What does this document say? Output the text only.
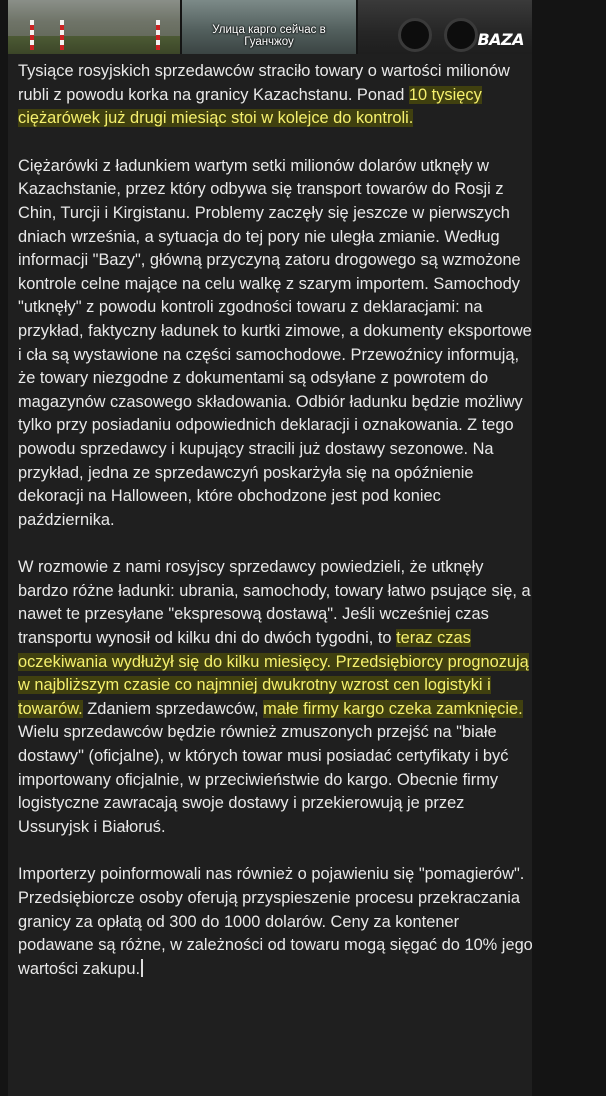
Улица карго сейчас в
Гуанчжоу	BAZA

Tysiące rosyjskich sprzedawców straciło towary o wartości milionów rubli z powodu korka na granicy Kazachstanu. Ponad 10 tysięcy ciężarówek już drugi miesiąc stoi w kolejce do kontroli.

Ciężarówki z ładunkiem wartym setki milionów dolarów utknęły w Kazachstanie, przez który odbywa się transport towarów do Rosji z Chin, Turcji i Kirgistanu. Problemy zaczęły się jeszcze w pierwszych dniach września, a sytuacja do tej pory nie uległa zmianie. Według informacji "Bazy", główną przyczyną zatoru drogowego są wzmożone kontrole celne mające na celu walkę z szarym importem. Samochody "utknęły" z powodu kontroli zgodności towaru z deklaracjami: na przykład, faktyczny ładunek to kurtki zimowe, a dokumenty eksportowe i cła są wystawione na części samochodowe. Przewoźnicy informują, że towary niezgodne z dokumentami są odsyłane z powrotem do magazynów czasowego składowania. Odbiór ładunku będzie możliwy tylko przy posiadaniu odpowiednich deklaracji i oznakowania. Z tego powodu sprzedawcy i kupujący stracili już dostawy sezonowe. Na przykład, jedna ze sprzedawczyń poskarżyła się na opóźnienie dekoracji na Halloween, które obchodzone jest pod koniec października.

W rozmowie z nami rosyjscy sprzedawcy powiedzieli, że utknęły bardzo różne ładunki: ubrania, samochody, towary łatwo psujące się, a nawet te przesyłane "ekspresową dostawą". Jeśli wcześniej czas transportu wynosił od kilku dni do dwóch tygodni, to teraz czas oczekiwania wydłużył się do kilku miesięcy. Przedsiębiorcy prognozują w najbliższym czasie co najmniej dwukrotny wzrost cen logistyki i towarów. Zdaniem sprzedawców, małe firmy kargo czeka zamknięcie. Wielu sprzedawców będzie również zmuszonych przejść na "białe dostawy" (oficjalne), w których towar musi posiadać certyfikaty i być importowany oficjalnie, w przeciwieństwie do kargo. Obecnie firmy logistyczne zawracają swoje dostawy i przekierowują je przez Ussuryjsk i Białoruś.

Importerzy poinformowali nas również o pojawieniu się "pomagierów". Przedsiębiorcze osoby oferują przyspieszenie procesu przekraczania granicy za opłatą od 300 do 1000 dolarów. Ceny za kontener podawane są różne, w zależności od towaru mogą sięgać do 10% jego wartości zakupu.
